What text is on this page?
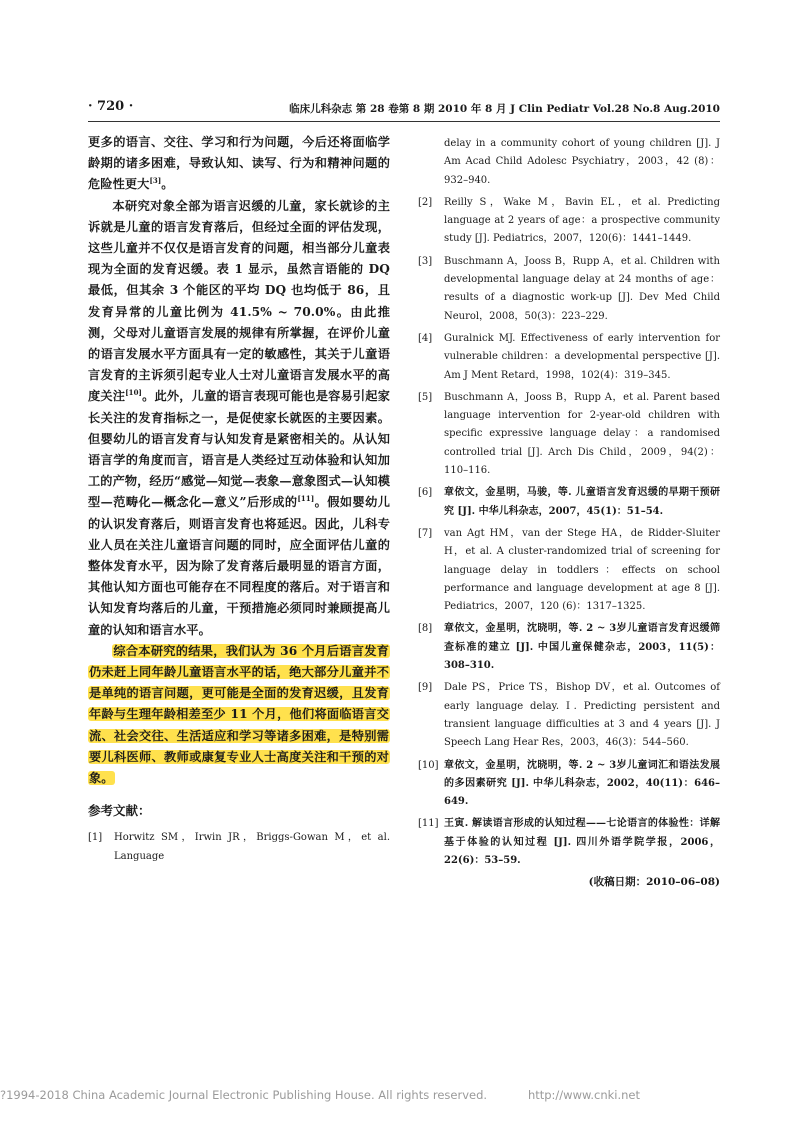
· 720 ·	临床儿科杂志 第 28 卷第 8 期 2010 年 8 月 J Clin Pediatr Vol.28 No.8 Aug.2010

更多的语言、交往、学习和行为问题，今后还将面临学龄期的诸多困难，导致认知、读写、行为和精神问题的危险性更大[3]。

本研究对象全部为语言迟缓的儿童，家长就诊的主诉就是儿童的语言发育落后，但经过全面的评估发现，这些儿童并不仅仅是语言发育的问题，相当部分儿童表现为全面的发育迟缓。表 1 显示，虽然言语能的 DQ 最低，但其余 3 个能区的平均 DQ 也均低于 86，且发育异常的儿童比例为 41.5% ~ 70.0%。由此推测，父母对儿童语言发展的规律有所掌握，在评价儿童的语言发展水平方面具有一定的敏感性，其关于儿童语言发育的主诉须引起专业人士对儿童语言发展水平的高度关注[10]。此外，儿童的语言表现可能也是容易引起家长关注的发育指标之一，是促使家长就医的主要因素。但婴幼儿的语言发育与认知发育是紧密相关的。从认知语言学的角度而言，语言是人类经过互动体验和认知加工的产物，经历“感觉—知觉—表象—意象图式—认知模型—范畴化—概念化—意义”后形成的[11]。假如婴幼儿的认识发育落后，则语言发育也将延迟。因此，儿科专业人员在关注儿童语言问题的同时，应全面评估儿童的整体发育水平，因为除了发育落后最明显的语言方面，其他认知方面也可能存在不同程度的落后。对于语言和认知发育均落后的儿童，干预措施必须同时兼顾提高儿童的认知和语言水平。

综合本研究的结果，我们认为 36 个月后语言发育仍未赶上同年龄儿童语言水平的话，绝大部分儿童并不是单纯的语言问题，更可能是全面的发育迟缓，且发育年龄与生理年龄相差至少 11 个月，他们将面临语言交流、社会交往、生活适应和学习等诸多困难，是特别需要儿科医师、教师或康复专业人士高度关注和干预的对象。

参考文献：
[1]	Horwitz SM，Irwin JR，Briggs-Gowan M，et al. Language
delay in a community cohort of young children [J]. J Am Acad Child Adolesc Psychiatry，2003，42 (8)：932–940.
[2]	Reilly S，Wake M，Bavin EL，et al. Predicting language at 2 years of age：a prospective community study [J]. Pediatrics，2007，120(6)：1441–1449.
[3]	Buschmann A，Jooss B，Rupp A，et al. Children with developmental language delay at 24 months of age：results of a diagnostic work-up [J]. Dev Med Child Neurol，2008，50(3)：223–229.
[4]	Guralnick MJ. Effectiveness of early intervention for vulnerable children：a developmental perspective [J]. Am J Ment Retard，1998，102(4)：319–345.
[5]	Buschmann A，Jooss B，Rupp A，et al. Parent based language intervention for 2-year-old children with specific expressive language delay：a randomised controlled trial [J]. Arch Dis Child，2009，94(2)：110–116.
[6]	章依文，金星明，马骏，等. 儿童语言发育迟缓的早期干预研究 [J]. 中华儿科杂志，2007，45(1)：51–54.
[7]	van Agt HM，van der Stege HA，de Ridder-Sluiter H，et al. A cluster-randomized trial of screening for language delay in toddlers：effects on school performance and language development at age 8 [J]. Pediatrics，2007，120 (6)：1317–1325.
[8]	章依文，金星明，沈晓明，等. 2 ~ 3岁儿童语言发育迟缓筛查标准的建立 [J]. 中国儿童保健杂志，2003，11(5)：308–310.
[9]	Dale PS，Price TS，Bishop DV，et al. Outcomes of early language delay. Ⅰ. Predicting persistent and transient language difficulties at 3 and 4 years [J]. J Speech Lang Hear Res，2003，46(3)：544–560.
[10] 章依文，金星明，沈晓明，等. 2 ~ 3岁儿童词汇和语法发展的多因素研究 [J]. 中华儿科杂志，2002，40(11)：646–649.
[11] 王寅. 解读语言形成的认知过程——七论语言的体验性：详解基于体验的认知过程 [J]. 四川外语学院学报，2006，22(6)：53–59.
(收稿日期：2010–06–08)
?1994-2018 China Academic Journal Electronic Publishing House. All rights reserved.	http://www.cnki.net
